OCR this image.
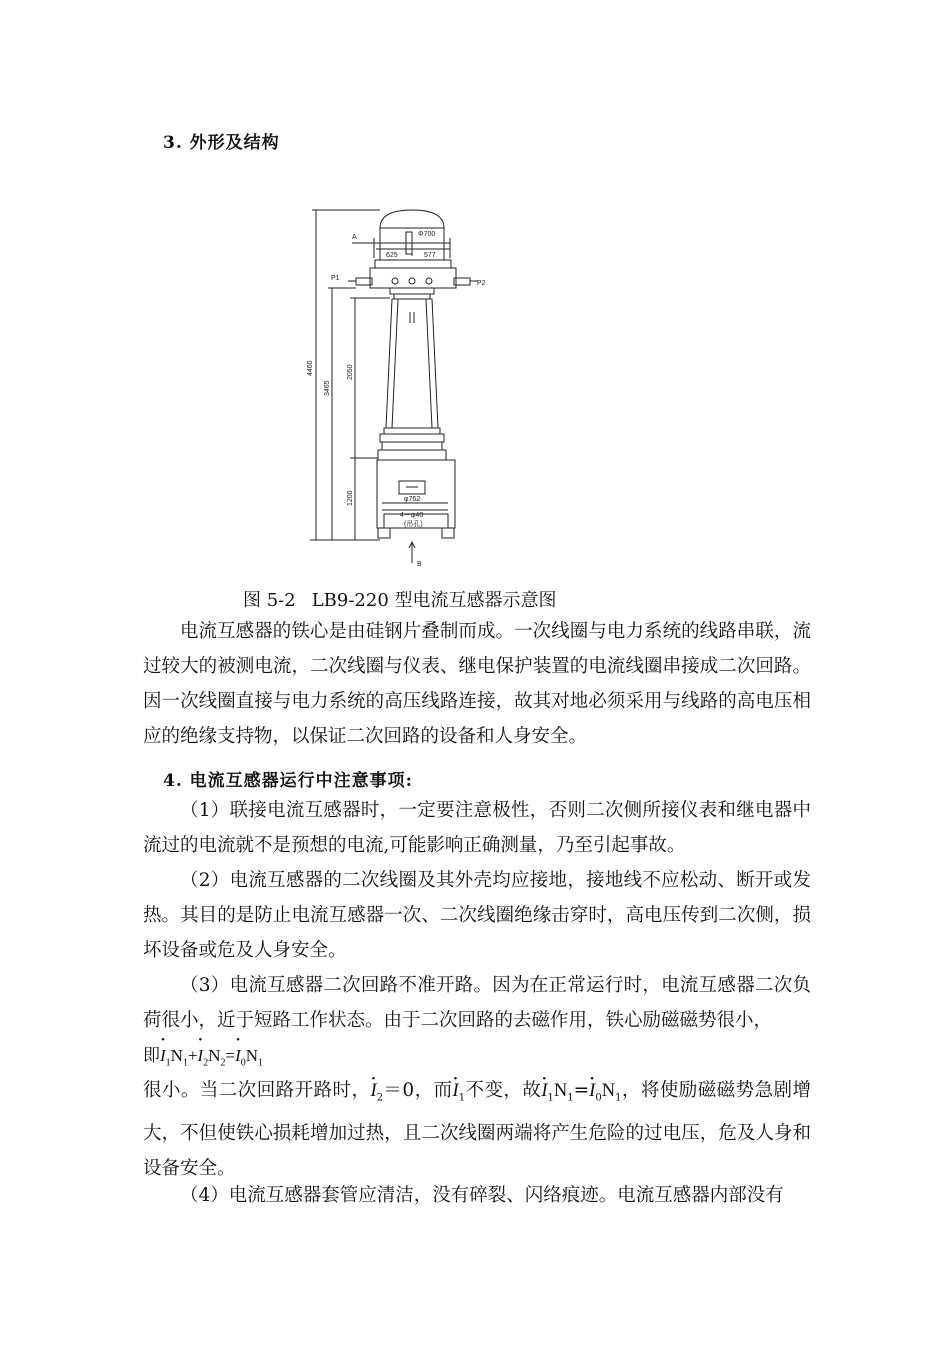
3. 外形及结构
Φ700
A
625	577
P1
P2
4460
3465
2050
1200	φ762
4－φ40
(吊孔)
B
图 5-2 LB9-220 型电流互感器示意图

电流互感器的铁心是由硅钢片叠制而成。一次线圈与电力系统的线路串联，流过较大的被测电流，二次线圈与仪表、继电保护装置的电流线圈串接成二次回路。因一次线圈直接与电力系统的高压线路连接，故其对地必须采用与线路的高电压相应的绝缘支持物，以保证二次回路的设备和人身安全。

4. 电流互感器运行中注意事项:

（1）联接电流互感器时，一定要注意极性，否则二次侧所接仪表和继电器中流过的电流就不是预想的电流,可能影响正确测量，乃至引起事故。

（2）电流互感器的二次线圈及其外壳均应接地，接地线不应松动、断开或发热。其目的是防止电流互感器一次、二次线圈绝缘击穿时，高电压传到二次侧，损坏设备或危及人身安全。

（3）电流互感器二次回路不准开路。因为在正常运行时，电流互感器二次负荷很小，近于短路工作状态。由于二次回路的去磁作用，铁心励磁磁势很小，

即• $I_1N_1+•$ $I_2N_2=•$ $I_0N_1$

很小。当二次回路开路时，• $I_2=0$，而• $I_1$不变，故• $I_1N_1=•$ $I_0N_1$，将使励磁磁势急剧增大，不但使铁心损耗增加过热，且二次线圈两端将产生危险的过电压，危及人身和设备安全。

（4）电流互感器套管应清洁，没有碎裂、闪络痕迹。电流互感器内部没有
